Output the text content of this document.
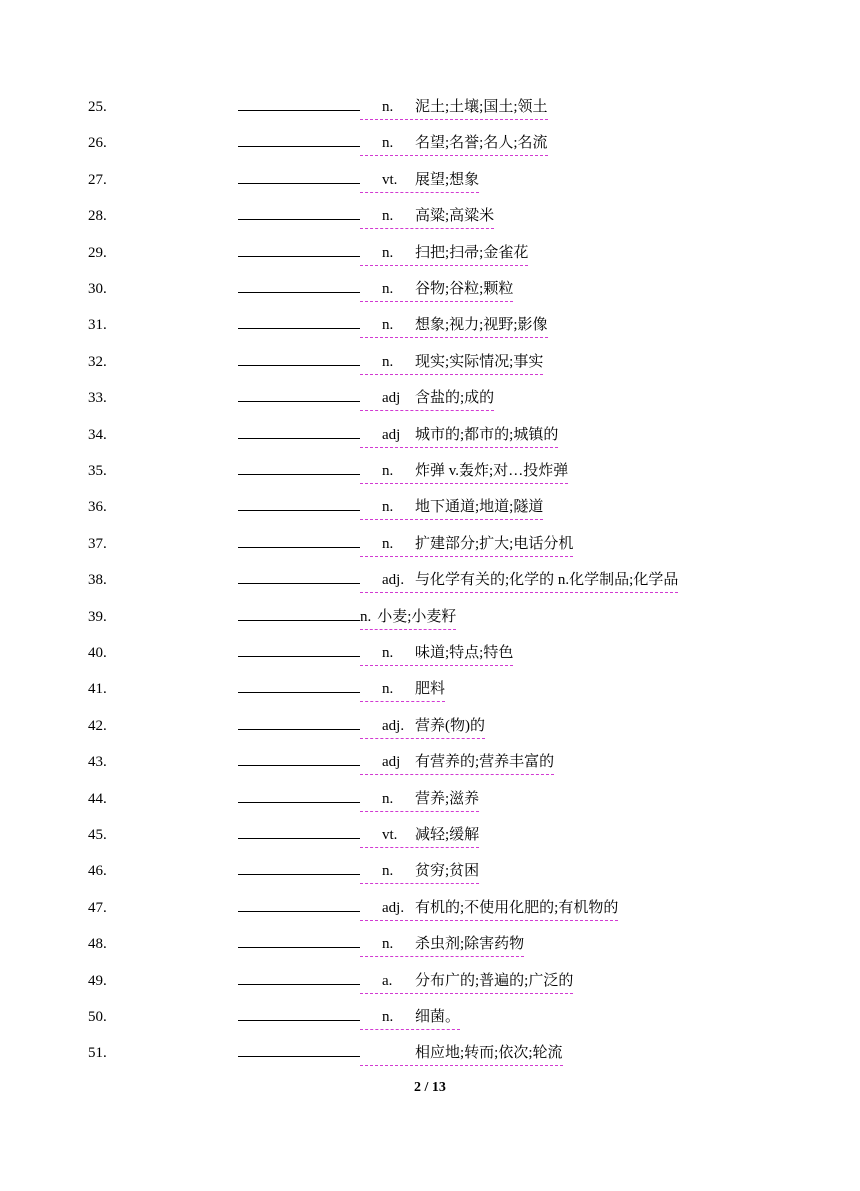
25.	n. 泥土;土壤;国土;领土
26.	n. 名望;名誉;名人;名流
27.	vt. 展望;想象
28.	n. 高粱;高粱米
29.	n. 扫把;扫帚;金雀花
30.	n. 谷物;谷粒;颗粒
31.	n. 想象;视力;视野;影像
32.	n. 现实;实际情况;事实
33.	adj 含盐的;成的
34.	adj 城市的;都市的;城镇的
35.	n. 炸弹 v.轰炸;对…投炸弹
36.	n. 地下通道;地道;隧道
37.	n. 扩建部分;扩大;电话分机
38.	adj. 与化学有关的;化学的 n.化学制品;化学品
39.	n. 小麦;小麦籽
40.	n. 味道;特点;特色
41.	n. 肥料
42.	adj. 营养(物)的
43.	adj 有营养的;营养丰富的
44.	n. 营养;滋养
45.	vt. 减轻;缓解
46.	n. 贫穷;贫困
47.	adj. 有机的;不使用化肥的;有机物的
48.	n. 杀虫剂;除害药物
49.	a. 分布广的;普遍的;广泛的
50.	n. 细菌。
51.	相应地;转而;依次;轮流
2 / 13
